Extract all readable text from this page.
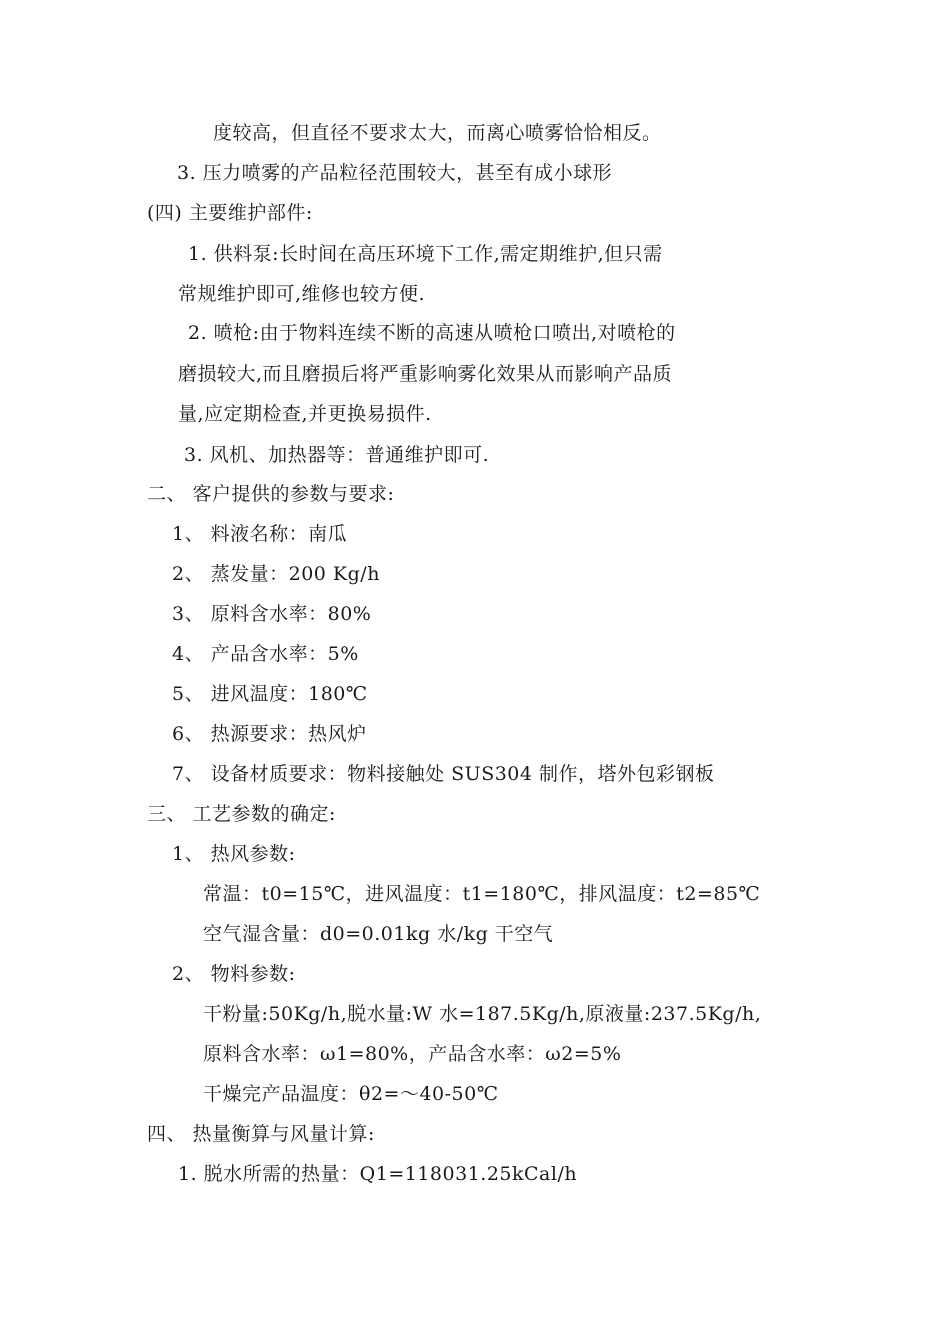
度较高，但直径不要求太大，而离心喷雾恰恰相反。
3. 压力喷雾的产品粒径范围较大，甚至有成小球形
(四) 主要维护部件:
1. 供料泵:长时间在高压环境下工作,需定期维护,但只需
常规维护即可,维修也较方便.
2. 喷枪:由于物料连续不断的高速从喷枪口喷出,对喷枪的
磨损较大,而且磨损后将严重影响雾化效果从而影响产品质
量,应定期检查,并更换易损件.
3. 风机、加热器等：普通维护即可.
二、 客户提供的参数与要求:
1、 料液名称：南瓜
2、 蒸发量：200 Kg/h
3、 原料含水率：80%
4、 产品含水率：5%
5、 进风温度：180℃
6、 热源要求：热风炉
7、 设备材质要求：物料接触处 SUS304 制作，塔外包彩钢板
三、 工艺参数的确定:
1、 热风参数:
常温：t0=15℃，进风温度：t1=180℃，排风温度：t2=85℃
空气湿含量：d0=0.01kg 水/kg 干空气
2、 物料参数:
干粉量:50Kg/h,脱水量:W 水=187.5Kg/h,原液量:237.5Kg/h,
原料含水率：ω1=80%，产品含水率：ω2=5%
干燥完产品温度：θ2=～40-50℃
四、 热量衡算与风量计算:
1. 脱水所需的热量：Q1=118031.25kCal/h
